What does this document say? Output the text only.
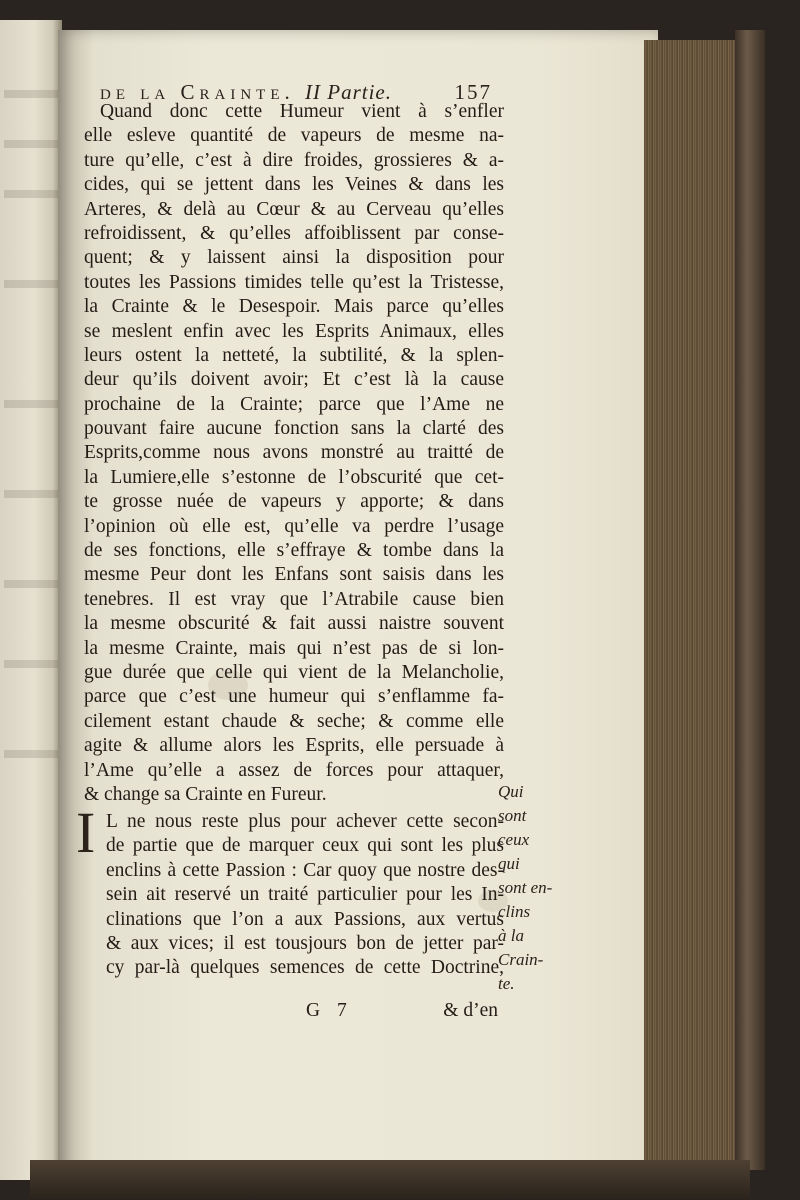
de la Crainte. II Partie.	157
Quand donc cette Humeur vient à s’enfler
elle esleve quantité de vapeurs de mesme na-
ture qu’elle, c’est à dire froides, grossieres & a-
cides, qui se jettent dans les Veines & dans les
Arteres, & delà au Cœur & au Cerveau qu’elles
refroidissent, & qu’elles affoiblissent par conse-
quent; & y laissent ainsi la disposition pour
toutes les Passions timides telle qu’est la Tristesse,
la Crainte & le Desespoir. Mais parce qu’elles
se meslent enfin avec les Esprits Animaux, elles
leurs ostent la netteté, la subtilité, & la splen-
deur qu’ils doivent avoir; Et c’est là la cause
prochaine de la Crainte; parce que l’Ame ne
pouvant faire aucune fonction sans la clarté des
Esprits,comme nous avons monstré au traitté de
la Lumiere,elle s’estonne de l’obscurité que cet-
te grosse nuée de vapeurs y apporte; & dans
l’opinion où elle est, qu’elle va perdre l’usage
de ses fonctions, elle s’effraye & tombe dans la
mesme Peur dont les Enfans sont saisis dans les
tenebres. Il est vray que l’Atrabile cause bien
la mesme obscurité & fait aussi naistre souvent
la mesme Crainte, mais qui n’est pas de si lon-
gue durée que celle qui vient de la Melancholie,
parce que c’est une humeur qui s’enflamme fa-
cilement estant chaude & seche; & comme elle
agite & allume alors les Esprits, elle persuade à
l’Ame qu’elle a assez de forces pour attaquer,
& change sa Crainte en Fureur.
I L ne nous reste plus pour achever cette secon-
de partie que de marquer ceux qui sont les plus
enclins à cette Passion : Car quoy que nostre des-
sein ait reservé un traité particulier pour les In-
clinations que l’on a aux Passions, aux vertus
& aux vices; il est tousjours bon de jetter par-
cy par-là quelques semences de cette Doctrine,
G 7	& d’en
Qui
sont
ceux
qui
sont en-
clins
à la
Crain-
te.
